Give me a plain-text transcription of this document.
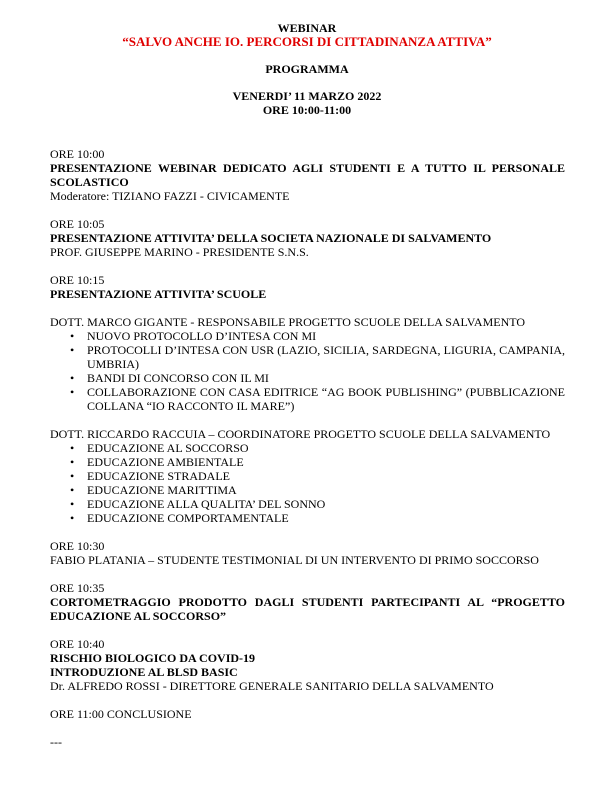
WEBINAR
“SALVO ANCHE IO. PERCORSI DI CITTADINANZA ATTIVA”
PROGRAMMA
VENERDI’ 11 MARZO 2022
ORE 10:00-11:00
ORE 10:00
PRESENTAZIONE WEBINAR DEDICATO AGLI STUDENTI E A TUTTO IL PERSONALE SCOLASTICO
Moderatore: TIZIANO FAZZI - CIVICAMENTE
ORE 10:05
PRESENTAZIONE ATTIVITA’ DELLA SOCIETA NAZIONALE DI SALVAMENTO
PROF. GIUSEPPE MARINO - PRESIDENTE S.N.S.
ORE 10:15
PRESENTAZIONE ATTIVITA’ SCUOLE
DOTT. MARCO GIGANTE - RESPONSABILE PROGETTO SCUOLE DELLA SALVAMENTO
• NUOVO PROTOCOLLO D’INTESA CON MI
• PROTOCOLLI D’INTESA CON USR (LAZIO, SICILIA, SARDEGNA, LIGURIA, CAMPANIA, UMBRIA)
• BANDI DI CONCORSO CON IL MI
• COLLABORAZIONE CON CASA EDITRICE “AG BOOK PUBLISHING” (PUBBLICAZIONE COLLANA “IO RACCONTO IL MARE”)
DOTT. RICCARDO RACCUIA – COORDINATORE PROGETTO SCUOLE DELLA SALVAMENTO
• EDUCAZIONE AL SOCCORSO
• EDUCAZIONE AMBIENTALE
• EDUCAZIONE STRADALE
• EDUCAZIONE MARITTIMA
• EDUCAZIONE ALLA QUALITA’ DEL SONNO
• EDUCAZIONE COMPORTAMENTALE
ORE 10:30
FABIO PLATANIA – STUDENTE TESTIMONIAL DI UN INTERVENTO DI PRIMO SOCCORSO
ORE 10:35
CORTOMETRAGGIO PRODOTTO DAGLI STUDENTI PARTECIPANTI AL “PROGETTO EDUCAZIONE AL SOCCORSO”
ORE 10:40
RISCHIO BIOLOGICO DA COVID-19
INTRODUZIONE AL BLSD BASIC
Dr. ALFREDO ROSSI - DIRETTORE GENERALE SANITARIO DELLA SALVAMENTO
ORE 11:00 CONCLUSIONE
---
